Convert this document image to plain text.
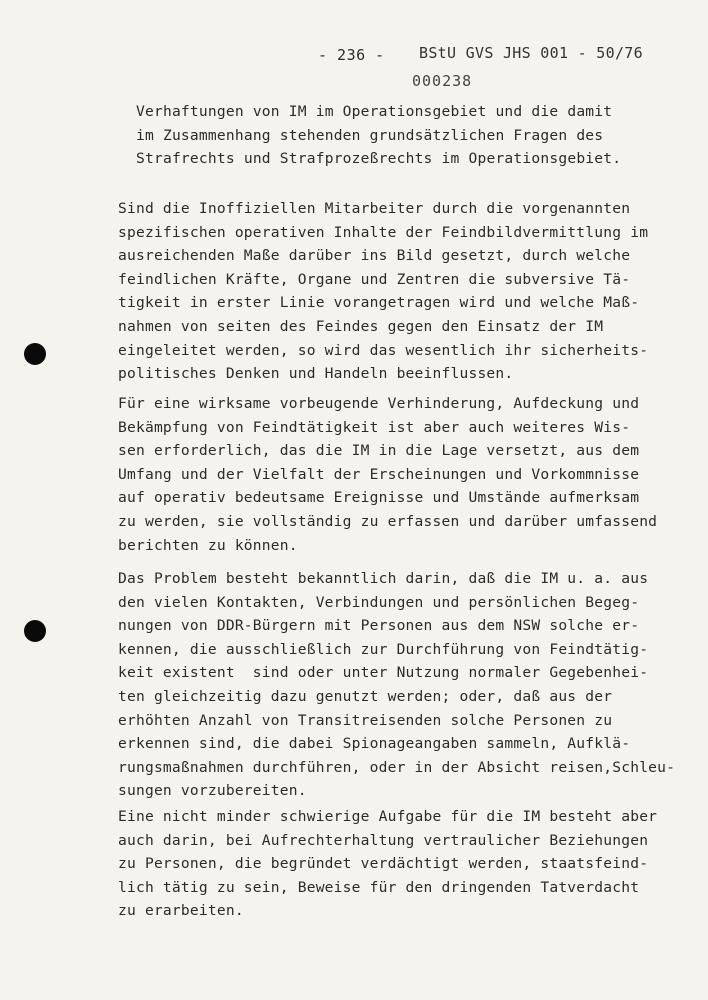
- 236 - BStU GVS JHS 001 - 50/76
000238
Verhaftungen von IM im Operationsgebiet und die damit
im Zusammenhang stehenden grundsätzlichen Fragen des
Strafrechts und Strafprozeßrechts im Operationsgebiet.
Sind die Inoffiziellen Mitarbeiter durch die vorgenannten
spezifischen operativen Inhalte der Feindbildvermittlung im
ausreichenden Maße darüber ins Bild gesetzt, durch welche
feindlichen Kräfte, Organe und Zentren die subversive Tä-
tigkeit in erster Linie vorangetragen wird und welche Maß-
nahmen von seiten des Feindes gegen den Einsatz der IM
eingeleitet werden, so wird das wesentlich ihr sicherheits-
politisches Denken und Handeln beeinflussen.
Für eine wirksame vorbeugende Verhinderung, Aufdeckung und
Bekämpfung von Feindtätigkeit ist aber auch weiteres Wis-
sen erforderlich, das die IM in die Lage versetzt, aus dem
Umfang und der Vielfalt der Erscheinungen und Vorkommnisse
auf operativ bedeutsame Ereignisse und Umstände aufmerksam
zu werden, sie vollständig zu erfassen und darüber umfassend
berichten zu können.
Das Problem besteht bekanntlich darin, daß die IM u. a. aus
den vielen Kontakten, Verbindungen und persönlichen Begeg-
nungen von DDR-Bürgern mit Personen aus dem NSW solche er-
kennen, die ausschließlich zur Durchführung von Feindtätig-
keit existent  sind oder unter Nutzung normaler Gegebenhei-
ten gleichzeitig dazu genutzt werden; oder, daß aus der
erhöhten Anzahl von Transitreisenden solche Personen zu
erkennen sind, die dabei Spionageangaben sammeln, Aufklä-
rungsmaßnahmen durchführen, oder in der Absicht reisen,Schleu-
sungen vorzubereiten.
Eine nicht minder schwierige Aufgabe für die IM besteht aber
auch darin, bei Aufrechterhaltung vertraulicher Beziehungen
zu Personen, die begründet verdächtigt werden, staatsfeind-
lich tätig zu sein, Beweise für den dringenden Tatverdacht
zu erarbeiten.
